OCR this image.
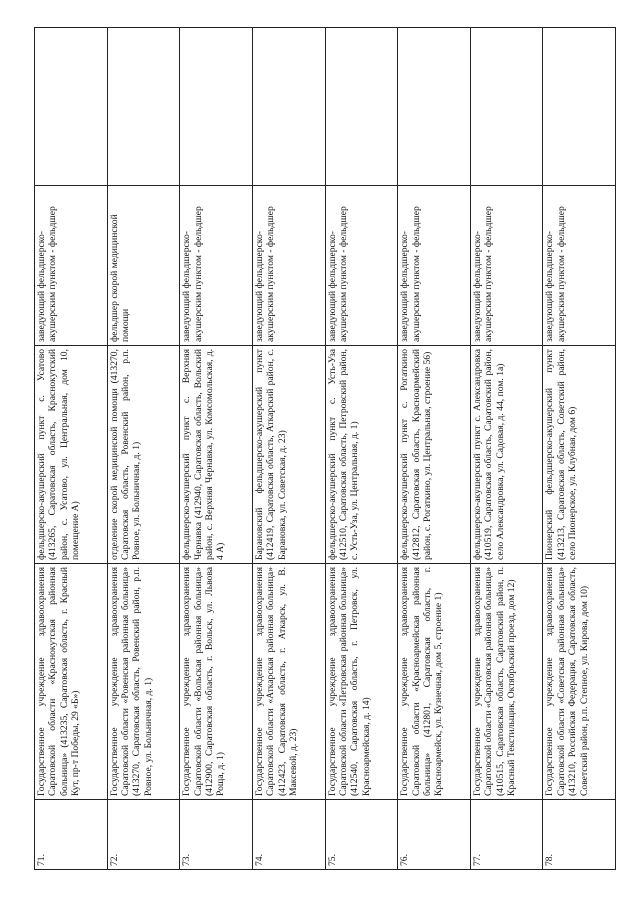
71.	Государственное учреждение здравоохранения Саратовской области «Краснокутская районная больница» (413235, Саратовская область, г. Красный Кут, пр-т Победы, 29 «Б»)	фельдшерско-акушерский пункт с. Усатово (413265, Саратовская область, Краснокутский район, с. Усатово, ул. Центральная, дом 10, помещение А)	заведующий фельдшерско-акушерским пунктом - фельдшер	
72.	Государственное учреждение здравоохранения Саратовской области «Ровенская районная больница» (413270, Саратовская область, Ровенский район, р.п. Ровное, ул. Больничная, д. 1)	отделение скорой медицинской помощи (413270, Саратовская область, Ровенский район, р.п. Ровное, ул. Больничная, д. 1)	фельдшер скорой медицинской помощи	
73.	Государственное учреждение здравоохранения Саратовской области «Вольская районная больница» (412900, Саратовская область, г. Вольск, ул. Львова Роща, д. 1)	фельдшерско-акушерский пункт с. Верхняя Чернавка (412940, Саратовская область, Вольский район, с. Верхняя Чернавка, ул. Комсомольская, д. 4 А)	заведующий фельдшерско-акушерским пунктом - фельдшер	
74.	Государственное учреждение здравоохранения Саратовской области «Аткарская районная больница» (412423, Саратовская область, г. Аткарск, ул. В. Максевой, д. 23)	Барановский фельдшерско-акушерский пункт (412419, Саратовская область, Аткарский район, с. Барановка, ул. Советская, д. 23)	заведующий фельдшерско-акушерским пунктом - фельдшер	
75.	Государственное учреждение здравоохранения Саратовской области «Петровская районная больница» (412540, Саратовская область, г. Петровск, ул. Красноармейская, д. 14)	фельдшерско-акушерский пункт с. Усть-Уза (412510, Саратовская область, Петровский район, с. Усть-Уза, ул. Центральная, д. 1)	заведующий фельдшерско-акушерским пунктом - фельдшер	
76.	Государственное учреждение здравоохранения Саратовской области «Красноармейская районная больница» (412801, Саратовская область, г. Красноармейск, ул. Кузнечная, дом 5, строение 1)	фельдшерско-акушерский пункт с. Рогаткино (412812, Саратовская область, Красноармейский район, с. Рогаткино, ул. Центральная, строение 56)	заведующий фельдшерско-акушерским пунктом - фельдшер	
77.	Государственное учреждение здравоохранения Саратовской области «Саратовская районная больница» (410515, Саратовская область, Саратовский район, п. Красный Текстильщик, Октябрьский проезд, дом 12)	фельдшерско-акушерский пункт с. Александровка (410519, Саратовская область, Саратовский район, село Александровка, ул. Садовая, д. 44, пом. 1а)	заведующий фельдшерско-акушерским пунктом - фельдшер	
78.	Государственное учреждение здравоохранения Саратовской области «Советская районная больница» (413210, Российская Федерация, Саратовская область, Советский район, р.п. Степное, ул. Кирова, дом 10)	Пионерский фельдшерско-акушерский пункт (413213, Саратовская область, Советский район, село Пионерское, ул. Клубная, дом 6)	заведующий фельдшерско-акушерским пунктом - фельдшер	
